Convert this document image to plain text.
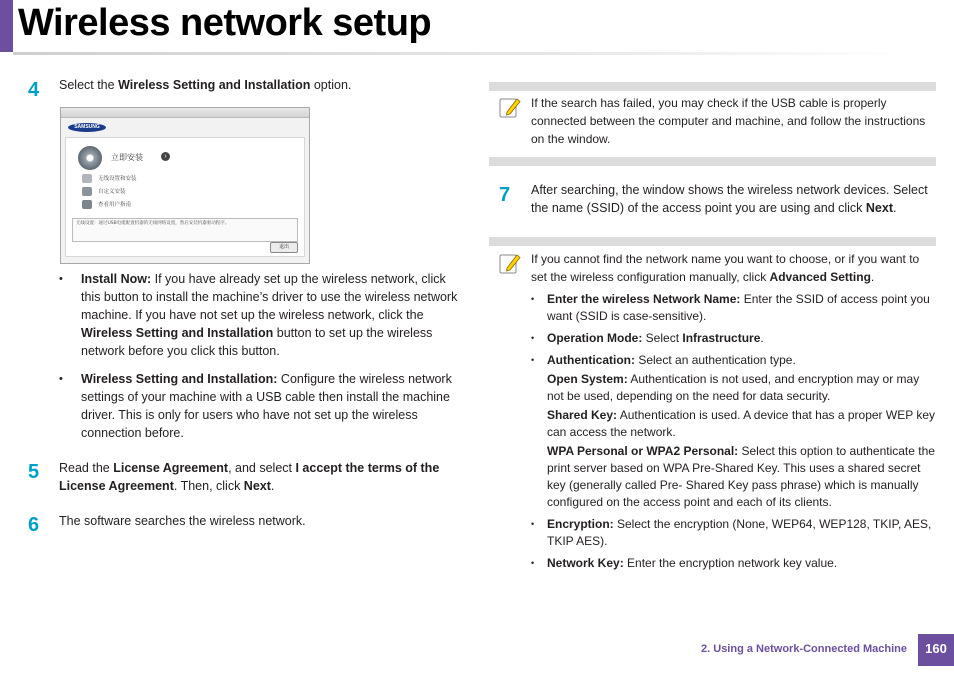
Wireless network setup
4 Select the Wireless Setting and Installation option.
SAMSUNG
立即安装	›
无线设置和安装
自定义安装
查看用户指南
无线设置：通过USB电缆配置机器的无线网络设置，然后安装机器驱动程序。
退出
• Install Now: If you have already set up the wireless network, click this button to install the machine’s driver to use the wireless network machine. If you have not set up the wireless network, click the Wireless Setting and Installation button to set up the wireless network before you click this button.
• Wireless Setting and Installation: Configure the wireless network settings of your machine with a USB cable then install the machine driver. This is only for users who have not set up the wireless connection before.
5 Read the License Agreement, and select I accept the terms of the License Agreement. Then, click Next.
6 The software searches the wireless network.
If the search has failed, you may check if the USB cable is properly connected between the computer and machine, and follow the instructions on the window.
7 After searching, the window shows the wireless network devices. Select the name (SSID) of the access point you are using and click Next.
If you cannot find the network name you want to choose, or if you want to set the wireless configuration manually, click Advanced Setting.
• Enter the wireless Network Name: Enter the SSID of access point you want (SSID is case-sensitive).
• Operation Mode: Select Infrastructure.
• Authentication: Select an authentication type.
Open System: Authentication is not used, and encryption may or may not be used, depending on the need for data security.
Shared Key: Authentication is used. A device that has a proper WEP key can access the network.
WPA Personal or WPA2 Personal: Select this option to authenticate the print server based on WPA Pre-Shared Key. This uses a shared secret key (generally called Pre- Shared Key pass phrase) which is manually configured on the access point and each of its clients.
• Encryption: Select the encryption (None, WEP64, WEP128, TKIP, AES, TKIP AES).
• Network Key: Enter the encryption network key value.
2. Using a Network-Connected Machine	160
